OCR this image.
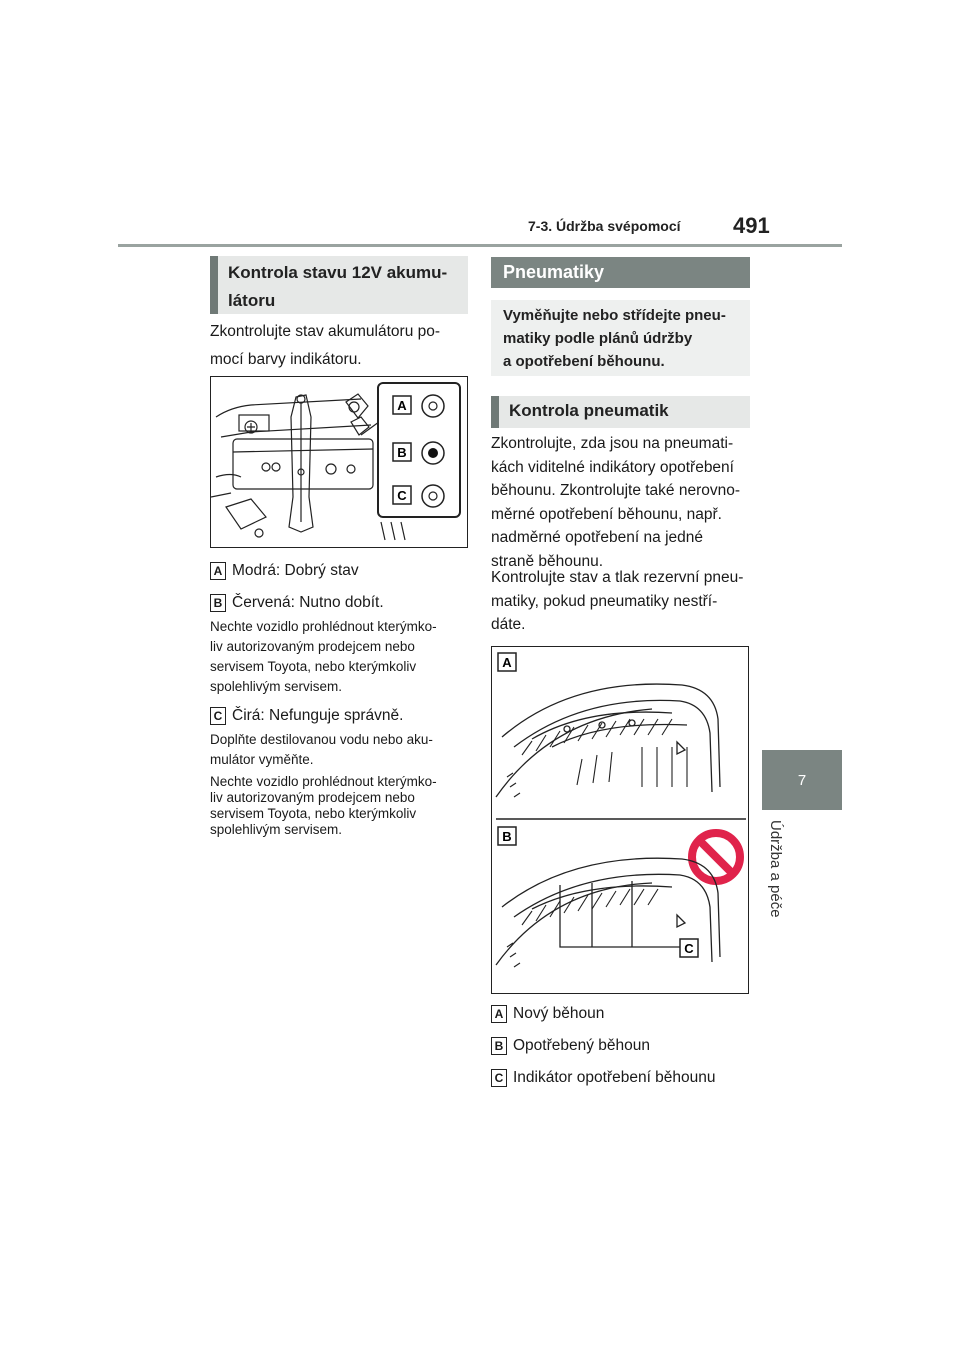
7-3. Údržba svépomocí 491
7
Údržba a péče
Kontrola stavu 12V akumu-
látoru
Zkontrolujte stav akumulátoru po-
mocí barvy indikátoru.
A
B
C
A Modrá: Dobrý stav
B Červená: Nutno dobít.
Nechte vozidlo prohlédnout kterýmko-
liv autorizovaným prodejcem nebo
servisem Toyota, nebo kterýmkoliv
spolehlivým servisem.
C Čirá: Nefunguje správně.
Doplňte destilovanou vodu nebo aku-
mulátor vyměňte.
Nechte vozidlo prohlédnout kterýmko-
liv autorizovaným prodejcem nebo
servisem Toyota, nebo kterýmkoliv
spolehlivým servisem.
Pneumatiky
Vyměňujte nebo střídejte pneu-
matiky podle plánů údržby
a opotřebení běhounu.
Kontrola pneumatik
Zkontrolujte, zda jsou na pneumati-
kách viditelné indikátory opotřebení
běhounu. Zkontrolujte také nerovno-
měrné opotřebení běhounu, např.
nadměrné opotřebení na jedné
straně běhounu.
Kontrolujte stav a tlak rezervní pneu-
matiky, pokud pneumatiky nestří-
dáte.
A
B
C
A Nový běhoun
B Opotřebený běhoun
C Indikátor opotřebení běhounu
